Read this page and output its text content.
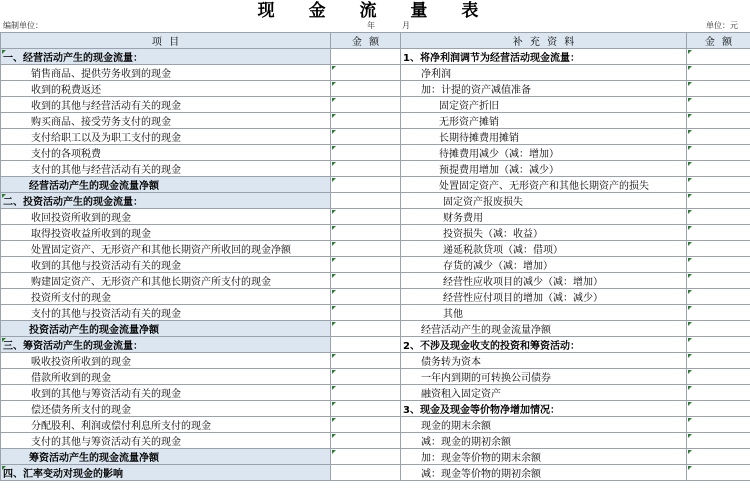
现 金 流 量 表
编制单位：	年	月	单位：元
项 目	金 额	补 充 资 料	金 额
一、经营活动产生的现金流量：		1、将净利润调节为经营活动现金流量：	
销售商品、提供劳务收到的现金		净利润	
收到的税费返还		加：计提的资产减值准备	
收到的其他与经营活动有关的现金		固定资产折旧	
购买商品、接受劳务支付的现金		无形资产摊销	
支付给职工以及为职工支付的现金		长期待摊费用摊销	
支付的各项税费		待摊费用减少（减：增加）	
支付的其他与经营活动有关的现金		预提费用增加（减：减少）	
经营活动产生的现金流量净额		处置固定资产、无形资产和其他长期资产的损失	
二、投资活动产生的现金流量：		固定资产报废损失	
收回投资所收到的现金		财务费用	
取得投资收益所收到的现金		投资损失（减：收益）	
处置固定资产、无形资产和其他长期资产所收回的现金净额		递延税款贷项（减：借项）	
收到的其他与投资活动有关的现金		存货的减少（减：增加）	
购建固定资产、无形资产和其他长期资产所支付的现金		经营性应收项目的减少（减：增加）	
投资所支付的现金		经营性应付项目的增加（减：减少）	
支付的其他与投资活动有关的现金		其他	
投资活动产生的现金流量净额		经营活动产生的现金流量净额	
三、筹资活动产生的现金流量：		2、不涉及现金收支的投资和筹资活动：	
吸收投资所收到的现金		债务转为资本	
借款所收到的现金		一年内到期的可转换公司债券	
收到的其他与筹资活动有关的现金		融资租入固定资产	
偿还债务所支付的现金		3、现金及现金等价物净增加情况：	
分配股利、利润或偿付利息所支付的现金		现金的期末余额	
支付的其他与筹资活动有关的现金		减：现金的期初余额	
筹资活动产生的现金流量净额		加：现金等价物的期末余额	
四、汇率变动对现金的影响		减：现金等价物的期初余额	
